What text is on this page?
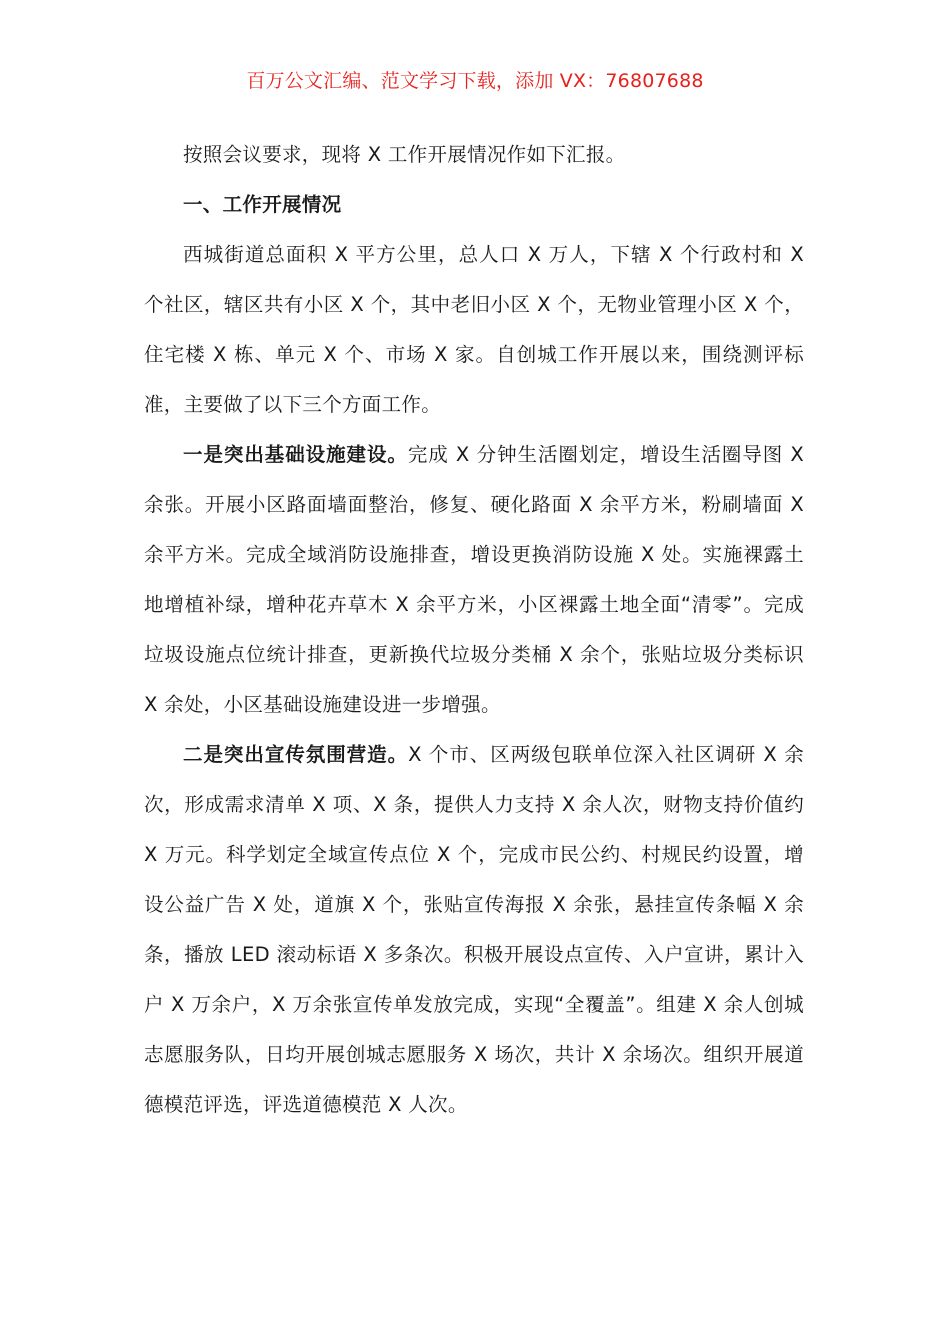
百万公文汇编、范文学习下载，添加 VX：76807688

按照会议要求，现将 X 工作开展情况作如下汇报。

一、工作开展情况

西城街道总面积 X 平方公里，总人口 X 万人，下辖 X 个行政村和 X 个社区，辖区共有小区 X 个，其中老旧小区 X 个，无物业管理小区 X 个，住宅楼 X 栋、单元 X 个、市场 X 家。自创城工作开展以来，围绕测评标准，主要做了以下三个方面工作。

一是突出基础设施建设。完成 X 分钟生活圈划定，增设生活圈导图 X 余张。开展小区路面墙面整治，修复、硬化路面 X 余平方米，粉刷墙面 X 余平方米。完成全域消防设施排查，增设更换消防设施 X 处。实施裸露土地增植补绿，增种花卉草木 X 余平方米，小区裸露土地全面“清零”。完成垃圾设施点位统计排查，更新换代垃圾分类桶 X 余个，张贴垃圾分类标识 X 余处，小区基础设施建设进一步增强。

二是突出宣传氛围营造。X 个市、区两级包联单位深入社区调研 X 余次，形成需求清单 X 项、X 条，提供人力支持 X 余人次，财物支持价值约 X 万元。科学划定全域宣传点位 X 个，完成市民公约、村规民约设置，增设公益广告 X 处，道旗 X 个，张贴宣传海报 X 余张，悬挂宣传条幅 X 余条，播放 LED 滚动标语 X 多条次。积极开展设点宣传、入户宣讲，累计入户 X 万余户，X 万余张宣传单发放完成，实现“全覆盖”。组建 X 余人创城志愿服务队，日均开展创城志愿服务 X 场次，共计 X 余场次。组织开展道德模范评选，评选道德模范 X 人次。
